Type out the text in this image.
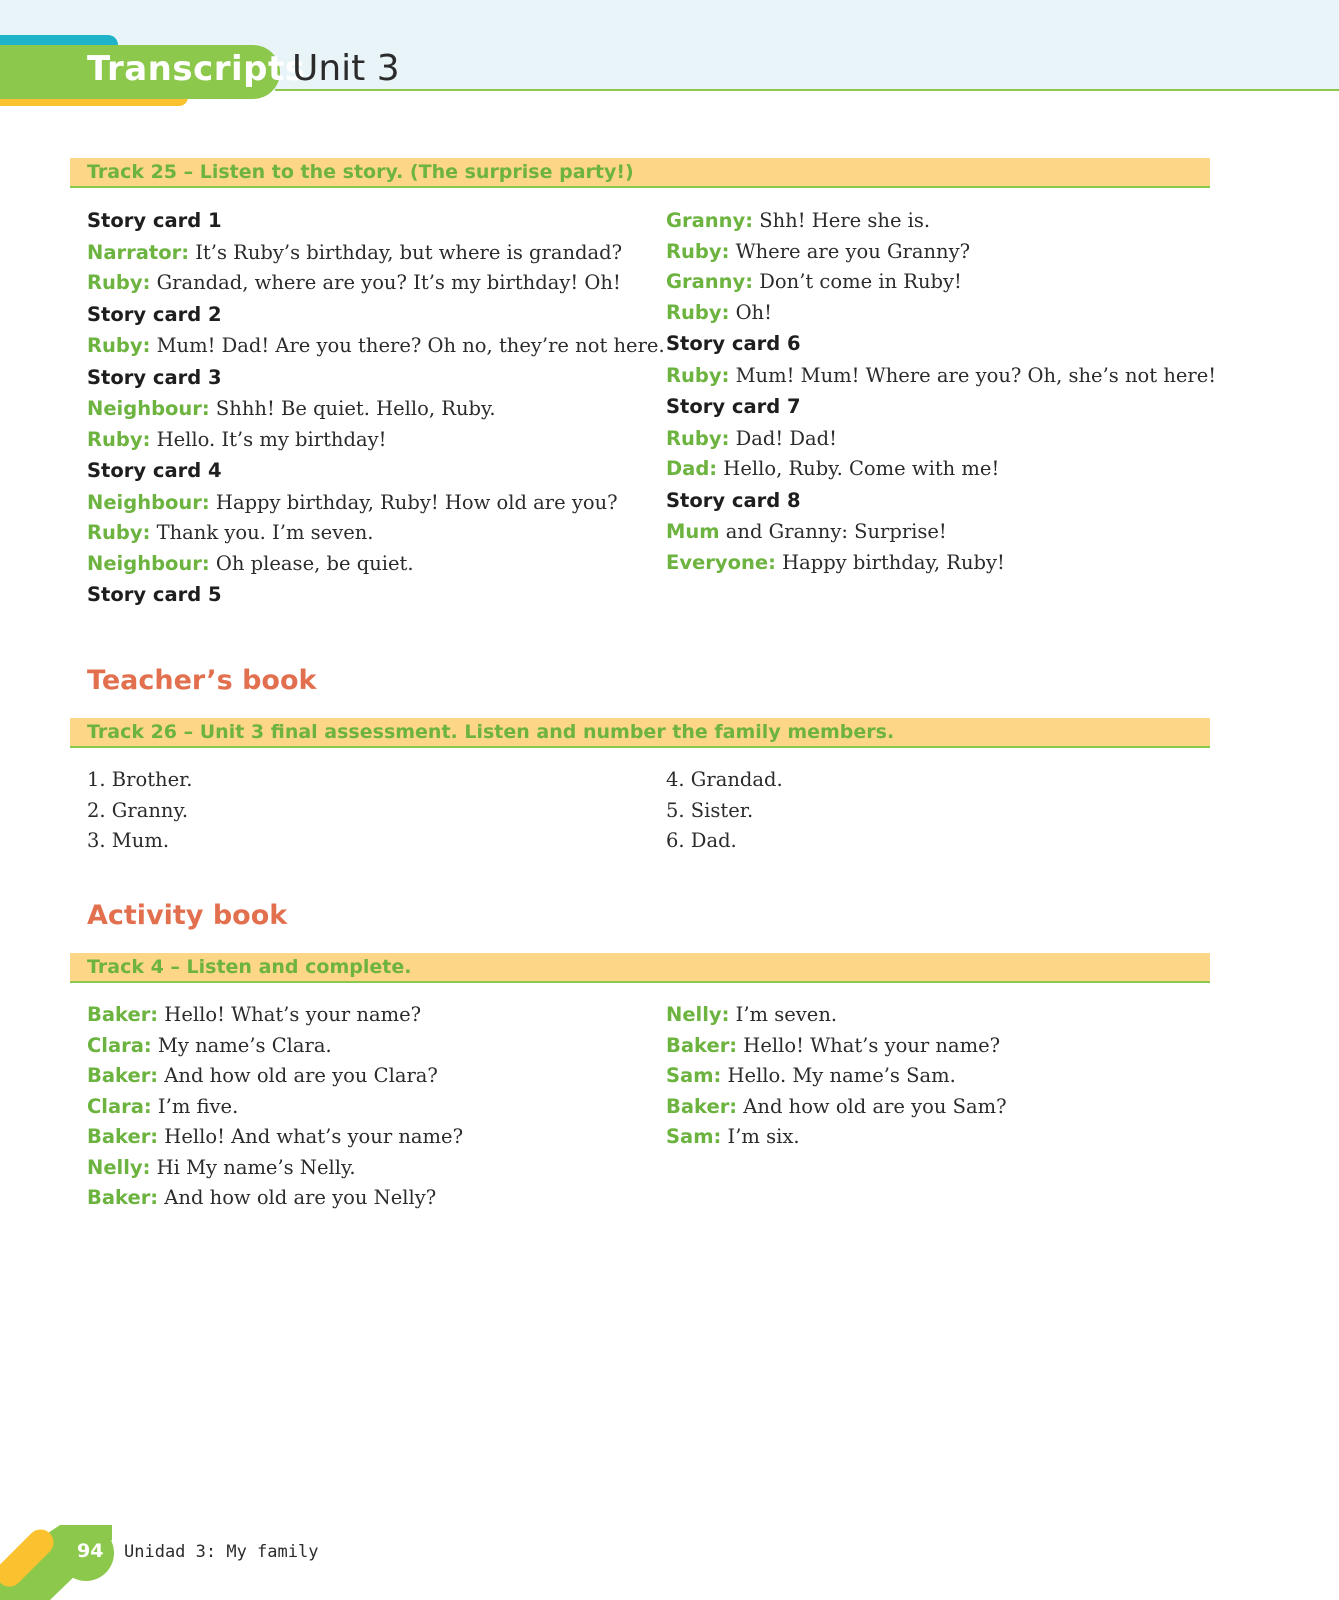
Transcripts
Unit 3
Track 25 – Listen to the story. (The surprise party!)
Story card 1
Narrator: It’s Ruby’s birthday, but where is grandad?
Ruby: Grandad, where are you? It’s my birthday! Oh!
Story card 2
Ruby: Mum! Dad! Are you there? Oh no, they’re not here.
Story card 3
Neighbour: Shhh! Be quiet. Hello, Ruby.
Ruby: Hello. It’s my birthday!
Story card 4
Neighbour: Happy birthday, Ruby! How old are you?
Ruby: Thank you. I’m seven.
Neighbour: Oh please, be quiet.
Story card 5
Granny: Shh! Here she is.
Ruby: Where are you Granny?
Granny: Don’t come in Ruby!
Ruby: Oh!
Story card 6
Ruby: Mum! Mum! Where are you? Oh, she’s not here!
Story card 7
Ruby: Dad! Dad!
Dad: Hello, Ruby. Come with me!
Story card 8
Mum and Granny: Surprise!
Everyone: Happy birthday, Ruby!
Teacher’s book
Track 26 – Unit 3 final assessment. Listen and number the family members.
1. Brother.
2. Granny.
3. Mum.
4. Grandad.
5. Sister.
6. Dad.
Activity book
Track 4 – Listen and complete.
Baker: Hello! What’s your name?
Clara: My name’s Clara.
Baker: And how old are you Clara?
Clara: I’m five.
Baker: Hello! And what’s your name?
Nelly: Hi My name’s Nelly.
Baker: And how old are you Nelly?
Nelly: I’m seven.
Baker: Hello! What’s your name?
Sam: Hello. My name’s Sam.
Baker: And how old are you Sam?
Sam: I’m six.
94 Unidad 3: My family
